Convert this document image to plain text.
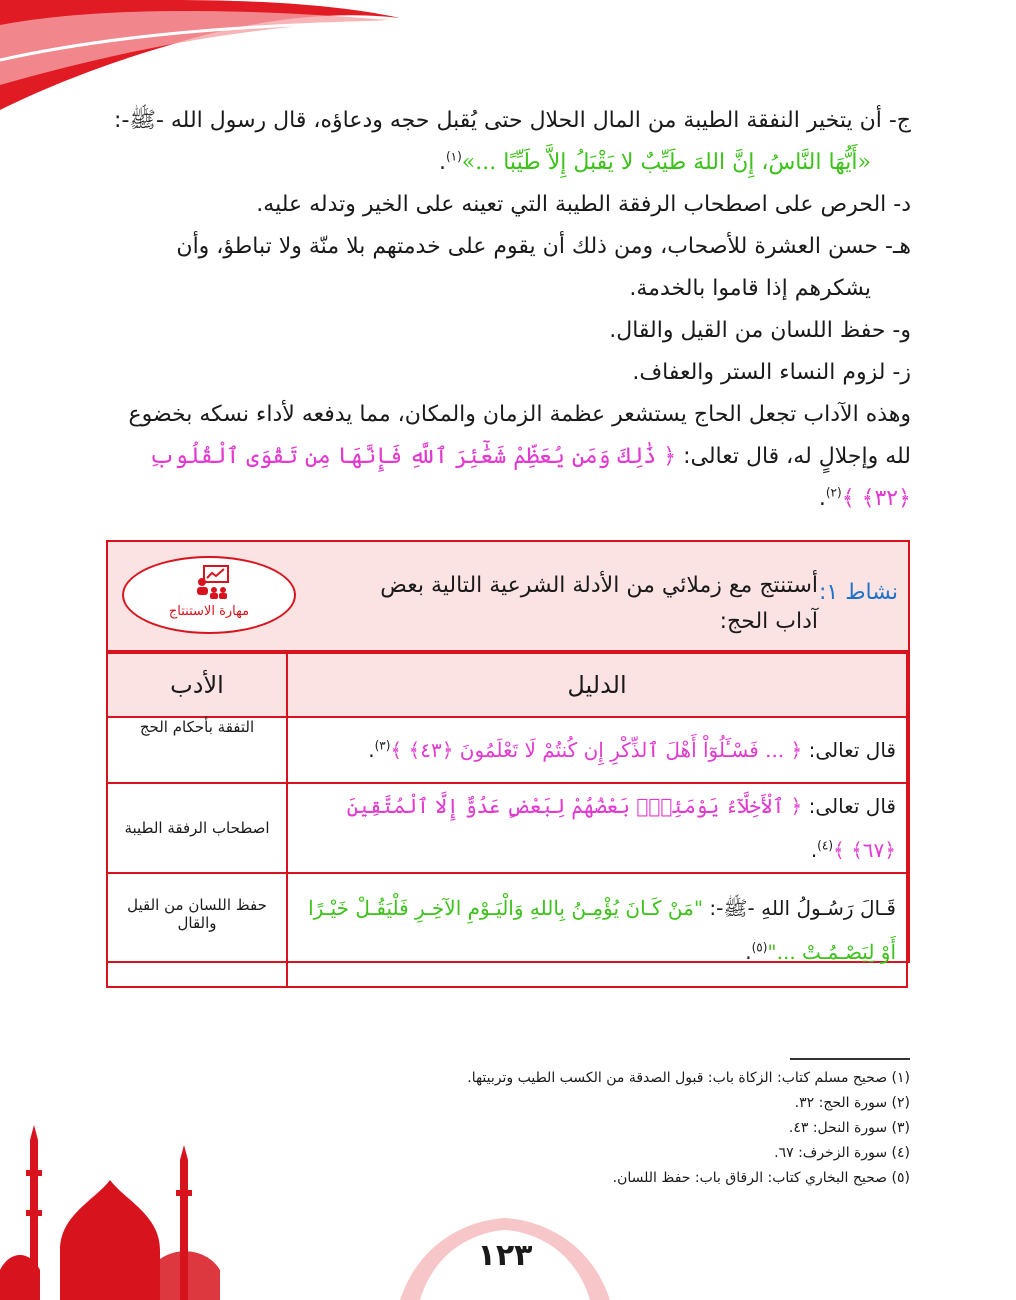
ج- أن يتخير النفقة الطيبة من المال الحلال حتى يُقبل حجه ودعاؤه، قال رسول الله -ﷺ-:

«أَيُّهَا النَّاسُ، إِنَّ اللهَ طَيِّبٌ لا يَقْبَلُ إِلاَّ طَيِّبًا ...»$^{(١)}$.

د- الحرص على اصطحاب الرفقة الطيبة التي تعينه على الخير وتدله عليه.

هـ- حسن العشرة للأصحاب، ومن ذلك أن يقوم على خدمتهم بلا منّة ولا تباطؤ، وأن

يشكرهم إذا قاموا بالخدمة.

و- حفظ اللسان من القيل والقال.

ز- لزوم النساء الستر والعفاف.

وهذه الآداب تجعل الحاج يستشعر عظمة الزمان والمكان، مما يدفعه لأداء نسكه بخضوع

لله وإجلالٍ له، قال تعالى: ﴿ ذَٰلِكَ وَمَن يُعَظِّمْ شَعَٰٓئِرَ ٱللَّهِ فَإِنَّهَا مِن تَقْوَى ٱلْقُلُوبِ ﴿٣٢﴾ ﴾$^{(٢)}$.

نشاط ١:
أستنتج مع زملائي من الأدلة الشرعية التالية بعض آداب الحج:
مهارة الاستنتاج
الدليل	الأدب
قال تعالى: ﴿ ... فَسْـَٔلُوٓاْ أَهْلَ ٱلذِّكْرِ إِن كُنتُمْ لَا تَعْلَمُونَ ﴿٤٣﴾ ﴾$^{(٣)}$.	التفقة بأحكام الحج
قال تعالى: ﴿ ٱلْأَخِلَّآءُ يَوْمَئِذٍۭ بَعْضُهُمْ لِبَعْضٍ عَدُوٌّ إِلَّا ٱلْمُتَّقِينَ ﴿٦٧﴾ ﴾$^{(٤)}$.	اصطحاب الرفقة الطيبة
قَـالَ رَسُـولُ اللهِ -ﷺ-: "مَنْ كَـانَ يُؤْمِـنُ بِاللهِ وَالْيَـوْمِ الآخِـرِ فَلْيَقُـلْ خَيْـرًا أَوْ لِيَصْـمُـتْ ..."$^{(٥)}$.	حفظ اللسان من القيل والقال
(١) صحيح مسلم كتاب: الزكاة باب: قبول الصدقة من الكسب الطيب وتربيتها.
(٢) سورة الحج: ٣٢.
(٣) سورة النحل: ٤٣.
(٤) سورة الزخرف: ٦٧.
(٥) صحيح البخاري كتاب: الرقاق باب: حفظ اللسان.
١٢٣
